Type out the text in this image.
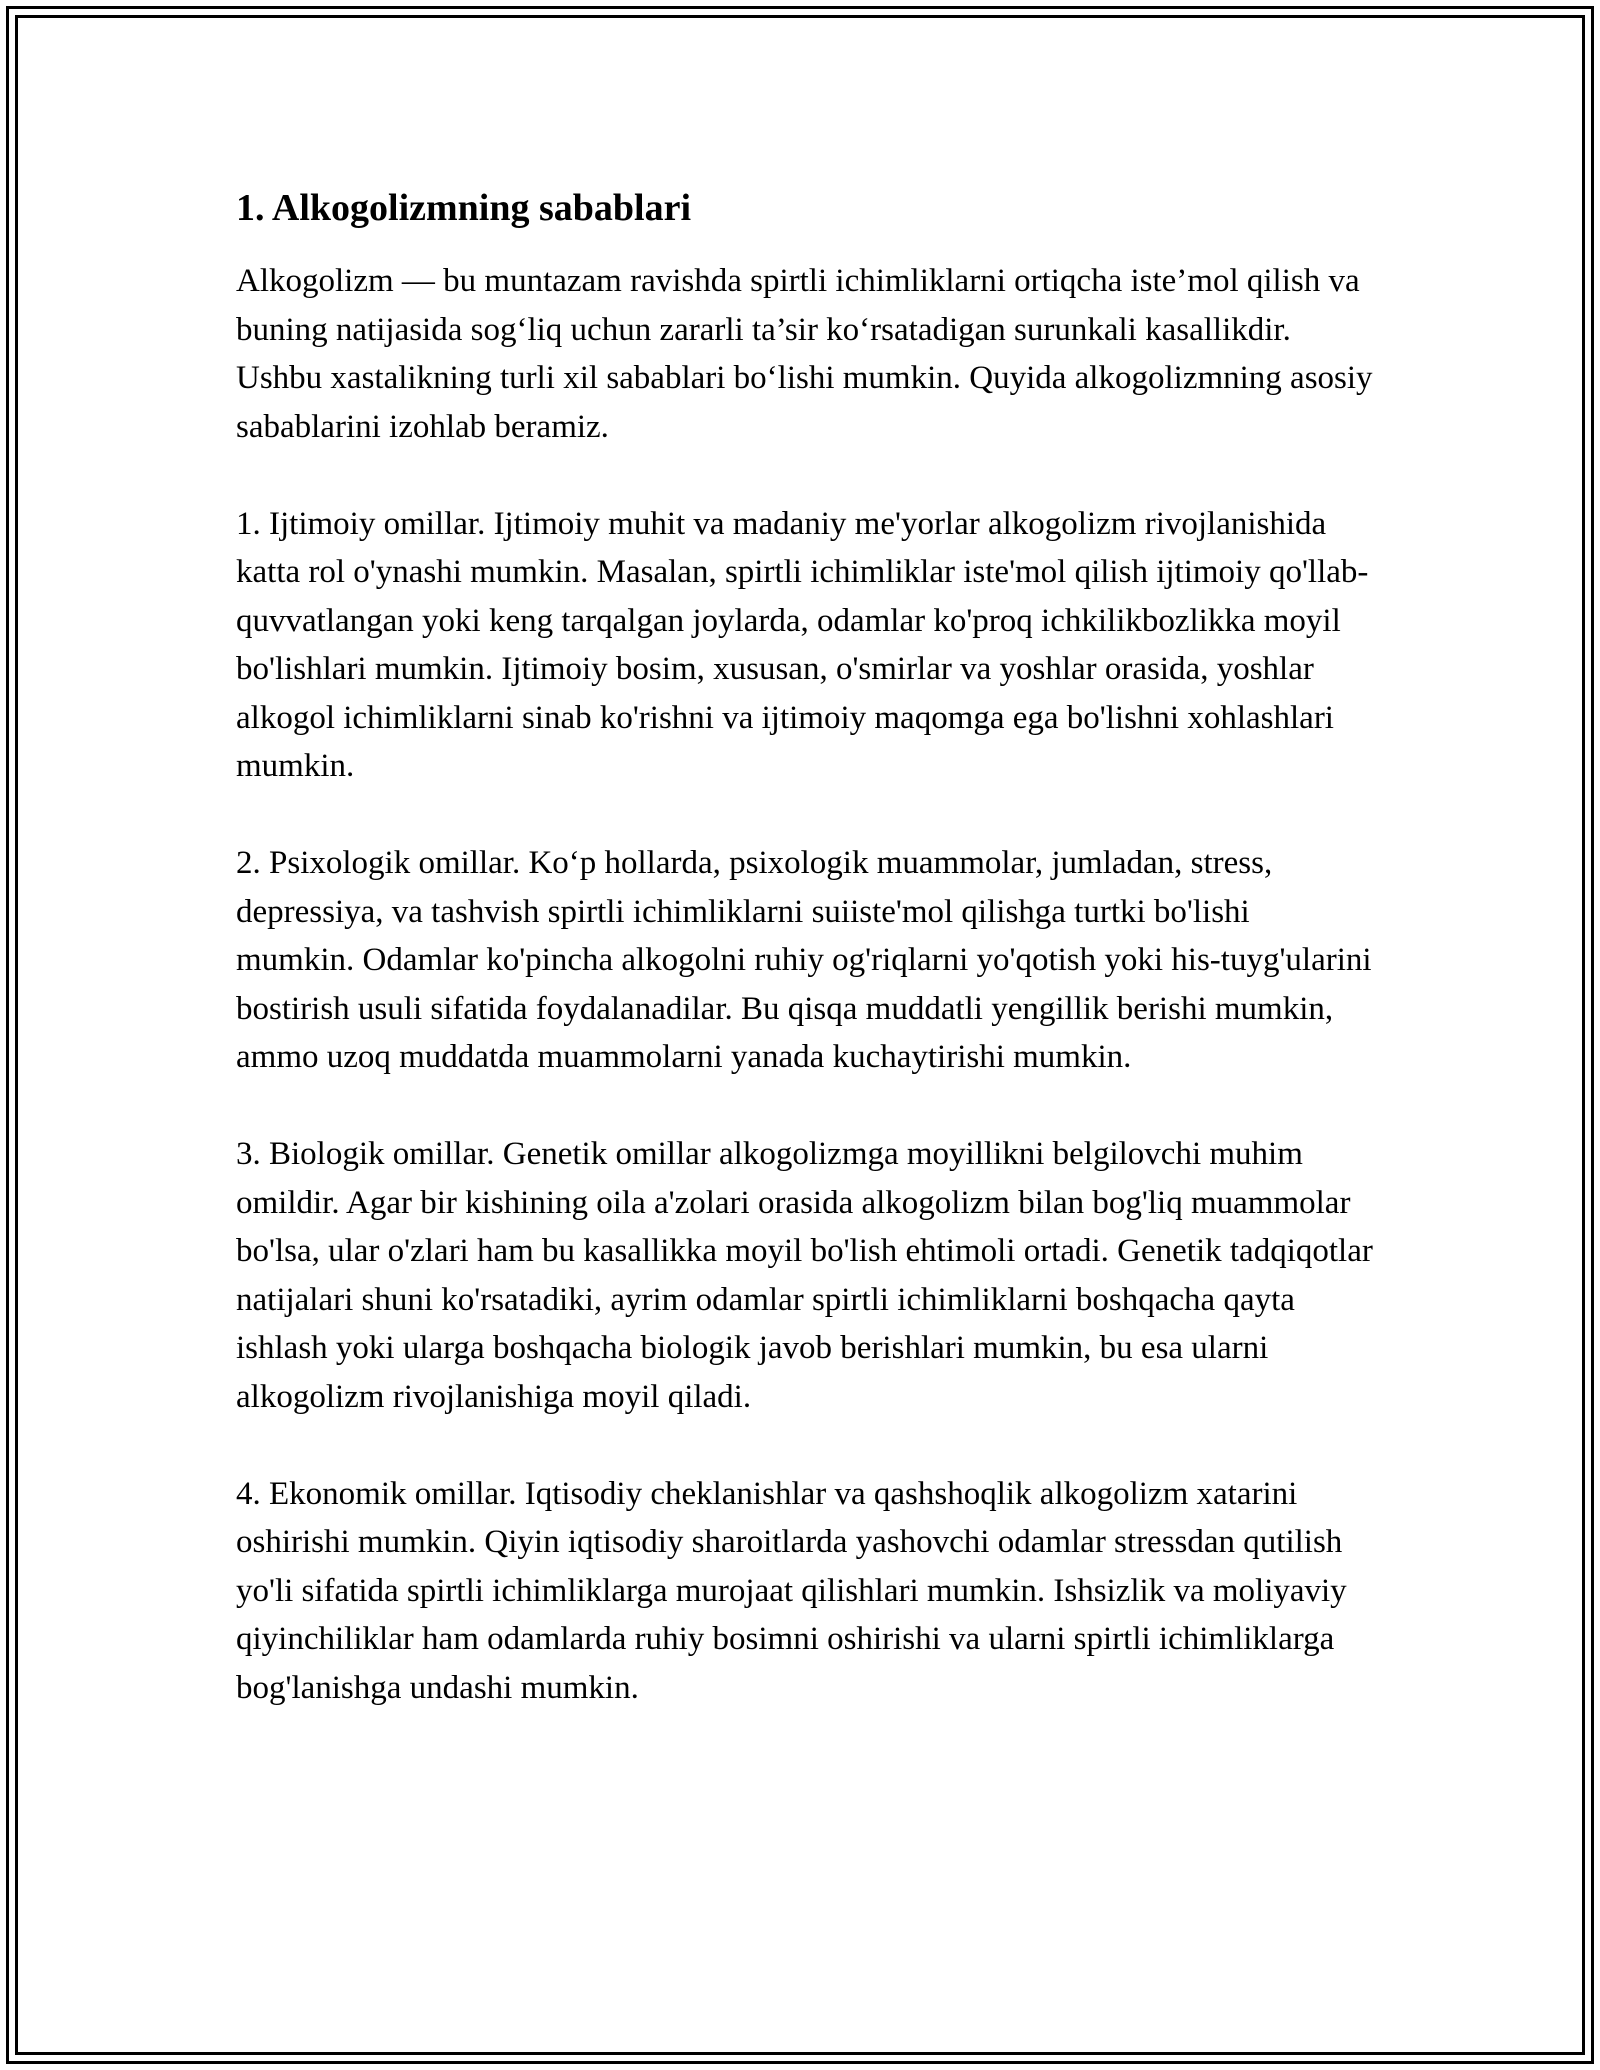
1. Alkogolizmning sabablari

Alkogolizm — bu muntazam ravishda spirtli ichimliklarni ortiqcha iste’mol qilish va buning natijasida sog‘liq uchun zararli ta’sir ko‘rsatadigan surunkali kasallikdir. Ushbu xastalikning turli xil sabablari bo‘lishi mumkin. Quyida alkogolizmning asosiy sabablarini izohlab beramiz.

1. Ijtimoiy omillar. Ijtimoiy muhit va madaniy me'yorlar alkogolizm rivojlanishida katta rol o'ynashi mumkin. Masalan, spirtli ichimliklar iste'mol qilish ijtimoiy qo'llab-quvvatlangan yoki keng tarqalgan joylarda, odamlar ko'proq ichkilikbozlikka moyil bo'lishlari mumkin. Ijtimoiy bosim, xususan, o'smirlar va yoshlar orasida, yoshlar alkogol ichimliklarni sinab ko'rishni va ijtimoiy maqomga ega bo'lishni xohlashlari mumkin.

2. Psixologik omillar. Ko‘p hollarda, psixologik muammolar, jumladan, stress, depressiya, va tashvish spirtli ichimliklarni suiiste'mol qilishga turtki bo'lishi mumkin. Odamlar ko'pincha alkogolni ruhiy og'riqlarni yo'qotish yoki his-tuyg'ularini bostirish usuli sifatida foydalanadilar. Bu qisqa muddatli yengillik berishi mumkin, ammo uzoq muddatda muammolarni yanada kuchaytirishi mumkin.

3. Biologik omillar. Genetik omillar alkogolizmga moyillikni belgilovchi muhim omildir. Agar bir kishining oila a'zolari orasida alkogolizm bilan bog'liq muammolar bo'lsa, ular o'zlari ham bu kasallikka moyil bo'lish ehtimoli ortadi. Genetik tadqiqotlar natijalari shuni ko'rsatadiki, ayrim odamlar spirtli ichimliklarni boshqacha qayta ishlash yoki ularga boshqacha biologik javob berishlari mumkin, bu esa ularni alkogolizm rivojlanishiga moyil qiladi.

4. Ekonomik omillar. Iqtisodiy cheklanishlar va qashshoqlik alkogolizm xatarini oshirishi mumkin. Qiyin iqtisodiy sharoitlarda yashovchi odamlar stressdan qutilish yo'li sifatida spirtli ichimliklarga murojaat qilishlari mumkin. Ishsizlik va moliyaviy qiyinchiliklar ham odamlarda ruhiy bosimni oshirishi va ularni spirtli ichimliklarga bog'lanishga undashi mumkin.
